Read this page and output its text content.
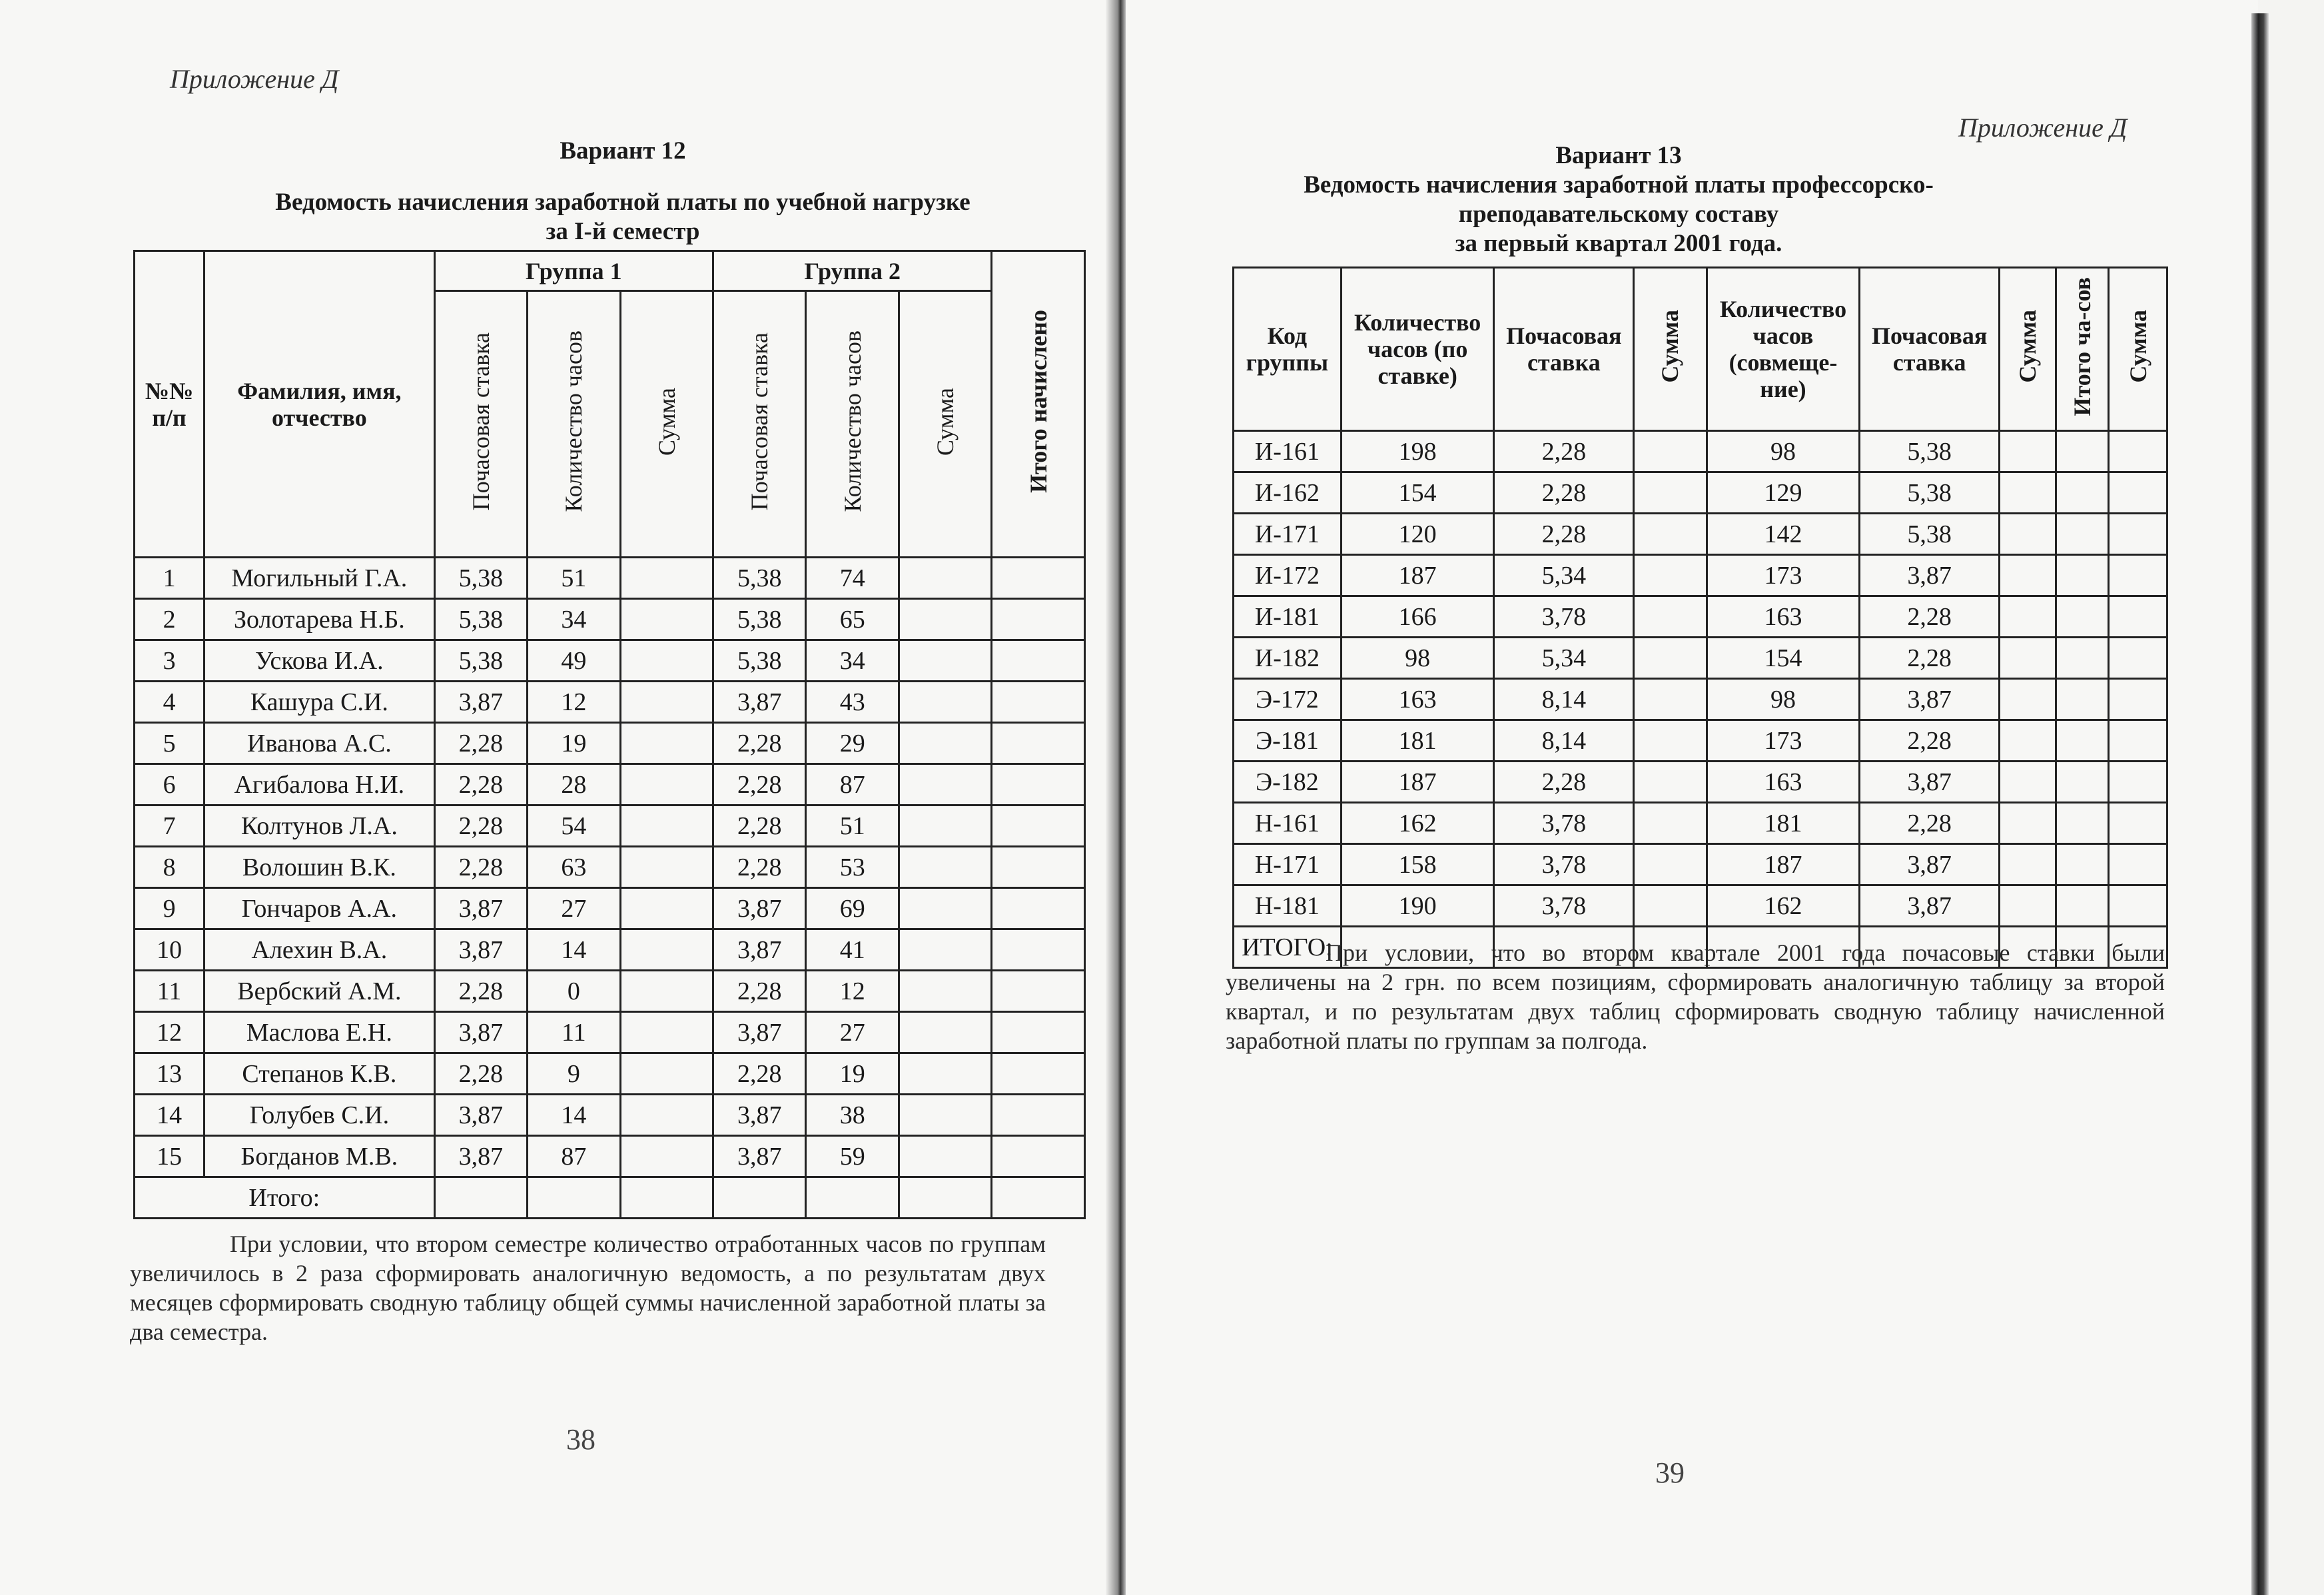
Приложение Д
Вариант 12
Ведомость начисления заработной платы по учебной нагрузке
за I-й семестр
№№ п/п	Фамилия, имя, отчество	Группа 1			Группа 2			Итого начислено
		Почасовая ставка	Количество часов	Сумма	Почасовая ставка	Количество часов	Сумма	
1	Могильный Г.А.	5,38	51		5,38	74		
2	Золотарева Н.Б.	5,38	34		5,38	65		
3	Ускова И.А.	5,38	49		5,38	34		
4	Кашура С.И.	3,87	12		3,87	43		
5	Иванова А.С.	2,28	19		2,28	29		
6	Агибалова Н.И.	2,28	28		2,28	87		
7	Колтунов Л.А.	2,28	54		2,28	51		
8	Волошин В.К.	2,28	63		2,28	53		
9	Гончаров А.А.	3,87	27		3,87	69		
10	Алехин В.А.	3,87	14		3,87	41		
11	Вербский А.М.	2,28	0		2,28	12		
12	Маслова Е.Н.	3,87	11		3,87	27		
13	Степанов К.В.	2,28	9		2,28	19		
14	Голубев С.И.	3,87	14		3,87	38		
15	Богданов М.В.	3,87	87		3,87	59		
Итого:								
При условии, что втором семестре количество отработанных часов по группам увеличилось в 2 раза сформировать аналогичную ведомость, а по результатам двух месяцев сформировать сводную таблицу общей суммы начисленной заработной платы за два семестра.
38
Приложение Д
Вариант 13
Ведомость начисления заработной платы профессорско-
преподавательскому составу
за первый квартал 2001 года.
Код группы	Количество часов (по ставке)	Почасовая ставка	Сумма	Количество часов (совмеще-ние)	Почасовая ставка	Сумма	Итого ча-сов	Сумма
И-161	198	2,28		98	5,38			
И-162	154	2,28		129	5,38			
И-171	120	2,28		142	5,38			
И-172	187	5,34		173	3,87			
И-181	166	3,78		163	2,28			
И-182	98	5,34		154	2,28			
Э-172	163	8,14		98	3,87			
Э-181	181	8,14		173	2,28			
Э-182	187	2,28		163	3,87			
Н-161	162	3,78		181	2,28			
Н-171	158	3,78		187	3,87			
Н-181	190	3,78		162	3,87			
ИТОГО:								
При условии, что во втором квартале 2001 года почасовые ставки были увеличены на 2 грн. по всем позициям, сформировать аналогичную таблицу за второй квартал, и по результатам двух таблиц сформировать сводную таблицу начисленной заработной платы по группам за полгода.
39
